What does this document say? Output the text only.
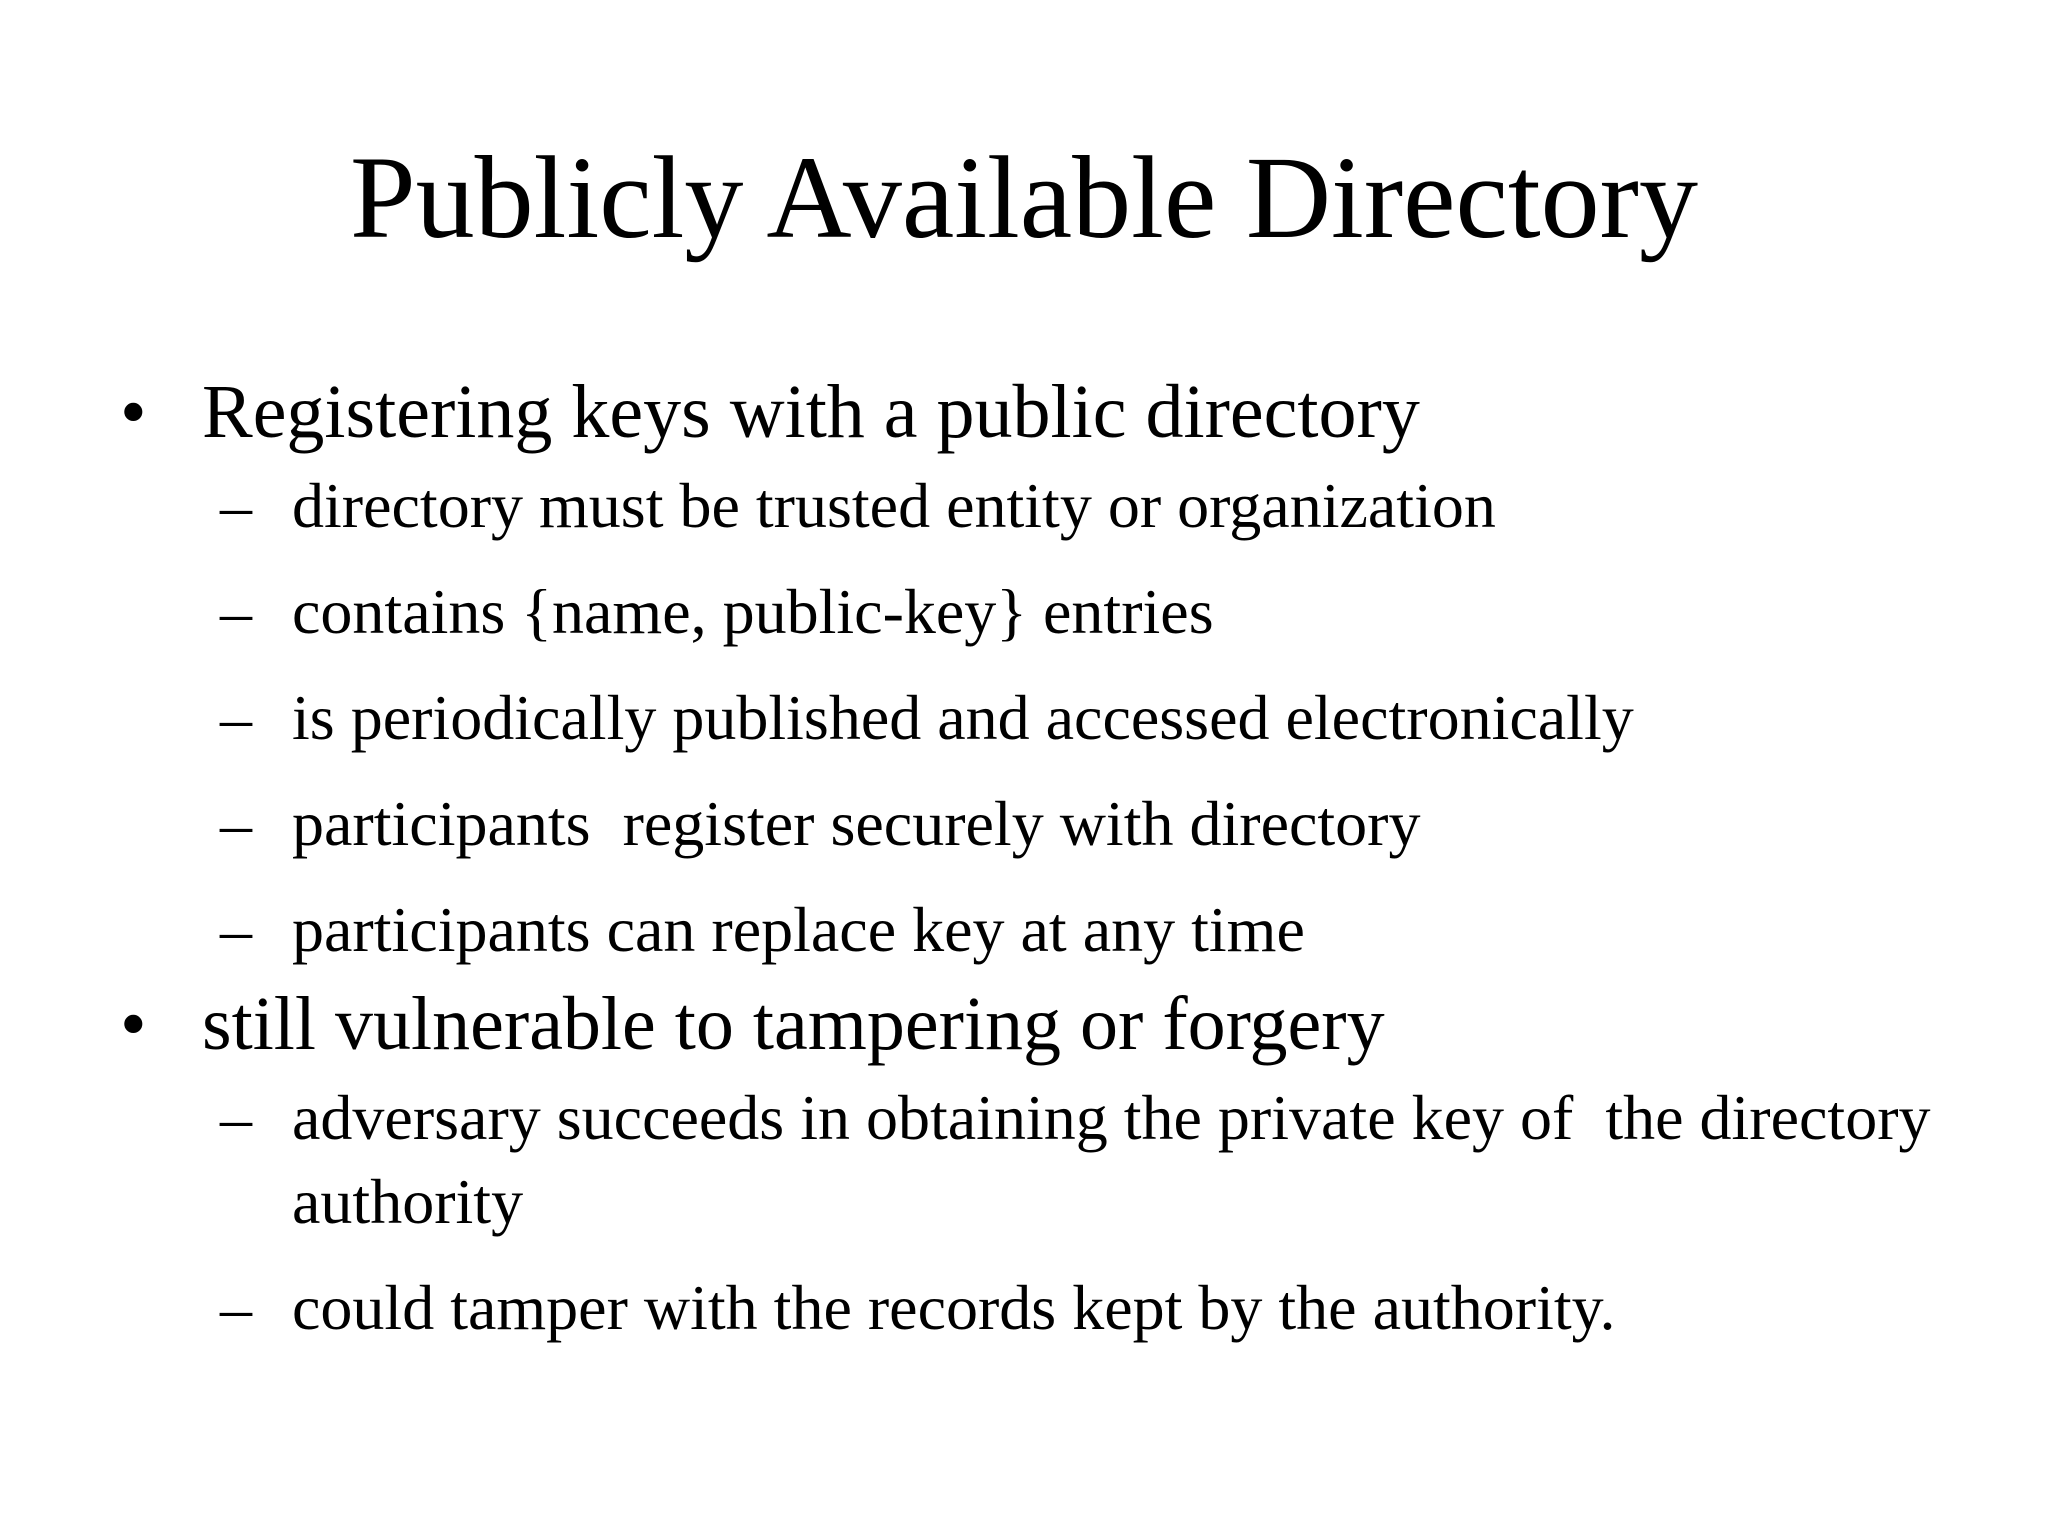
Publicly Available Directory
• Registering keys with a public directory
– directory must be trusted entity or organization
– contains {name, public-key} entries
– is periodically published and accessed electronically
– participants  register securely with directory
– participants can replace key at any time
• still vulnerable to tampering or forgery
– adversary succeeds in obtaining the private key of  the directory authority
– could tamper with the records kept by the authority.
